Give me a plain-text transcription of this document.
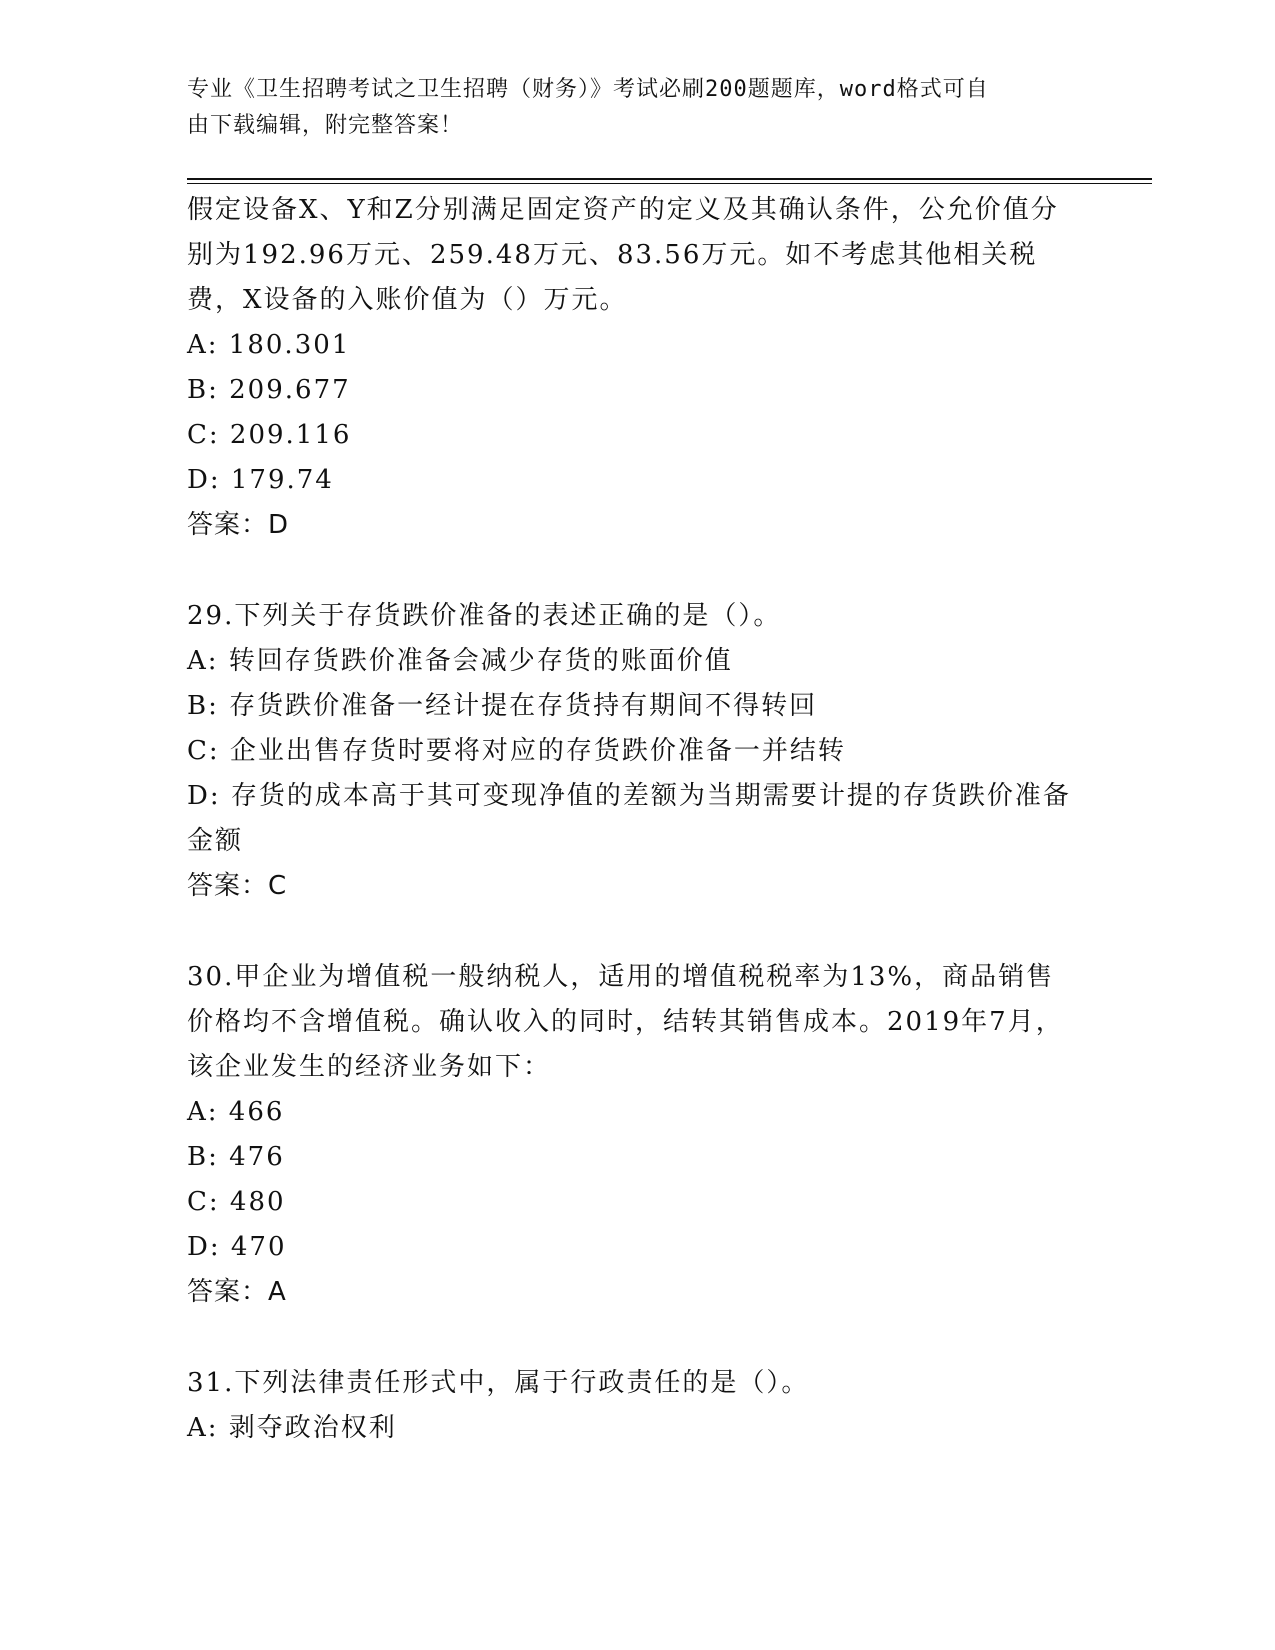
专业《卫生招聘考试之卫生招聘（财务）》考试必刷200题题库，word格式可自
由下载编辑，附完整答案！

假定设备X、Y和Z分别满足固定资产的定义及其确认条件，公允价值分别为192.96万元、259.48万元、83.56万元。如不考虑其他相关税费，X设备的入账价值为（）万元。

A: 180.301

B: 209.677

C: 209.116

D: 179.74

答案：D

29.下列关于存货跌价准备的表述正确的是（）。

A: 转回存货跌价准备会减少存货的账面价值

B: 存货跌价准备一经计提在存货持有期间不得转回

C: 企业出售存货时要将对应的存货跌价准备一并结转

D: 存货的成本高于其可变现净值的差额为当期需要计提的存货跌价准备金额

答案：C

30.甲企业为增值税一般纳税人，适用的增值税税率为13%，商品销售价格均不含增值税。确认收入的同时，结转其销售成本。2019年7月，该企业发生的经济业务如下：

A: 466

B: 476

C: 480

D: 470

答案：A

31.下列法律责任形式中，属于行政责任的是（）。

A: 剥夺政治权利
